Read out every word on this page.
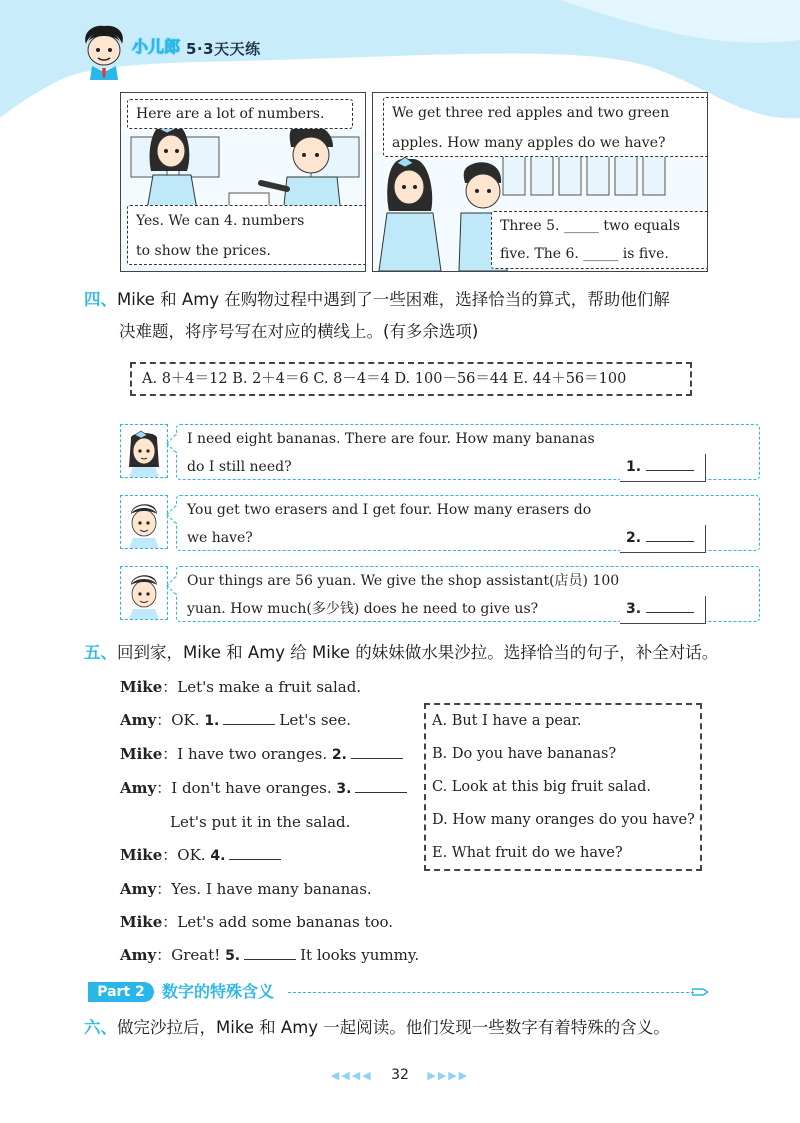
小儿郎 5·3天天练
Here are a lot of numbers.
Yes. We can 4. numbers
to show the prices.
We get three red apples and two green
apples. How many apples do we have?
Three 5. _____ two equals
five. The 6. _____ is five.
四、Mike 和 Amy 在购物过程中遇到了一些困难，选择恰当的算式，帮助他们解
决难题，将序号写在对应的横线上。(有多余选项)
A. 8＋4＝12 B. 2＋4＝6 C. 8－4＝4 D. 100－56＝44 E. 44＋56＝100
I need eight bananas. There are four. How many bananas
do I still need?	1.
You get two erasers and I get four. How many erasers do
we have?	2.
Our things are 56 yuan. We give the shop assistant(店员) 100
yuan. How much(多少钱) does he need to give us?	3.
五、回到家，Mike 和 Amy 给 Mike 的妹妹做水果沙拉。选择恰当的句子，补全对话。
Mike：Let's make a fruit salad.
Amy：OK. 1.	Let's see.
Mike：I have two oranges. 2.
Amy：I don't have oranges. 3.
Let's put it in the salad.
Mike：OK. 4.
Amy：Yes. I have many bananas.
Mike：Let's add some bananas too.
Amy：Great! 5.	It looks yummy.
A. But I have a pear.
B. Do you have bananas?
C. Look at this big fruit salad.
D. How many oranges do you have?
E. What fruit do we have?
Part 2	数字的特殊含义
六、做完沙拉后，Mike 和 Amy 一起阅读。他们发现一些数字有着特殊的含义。
◀◀◀◀ 32 ▶▶▶▶
